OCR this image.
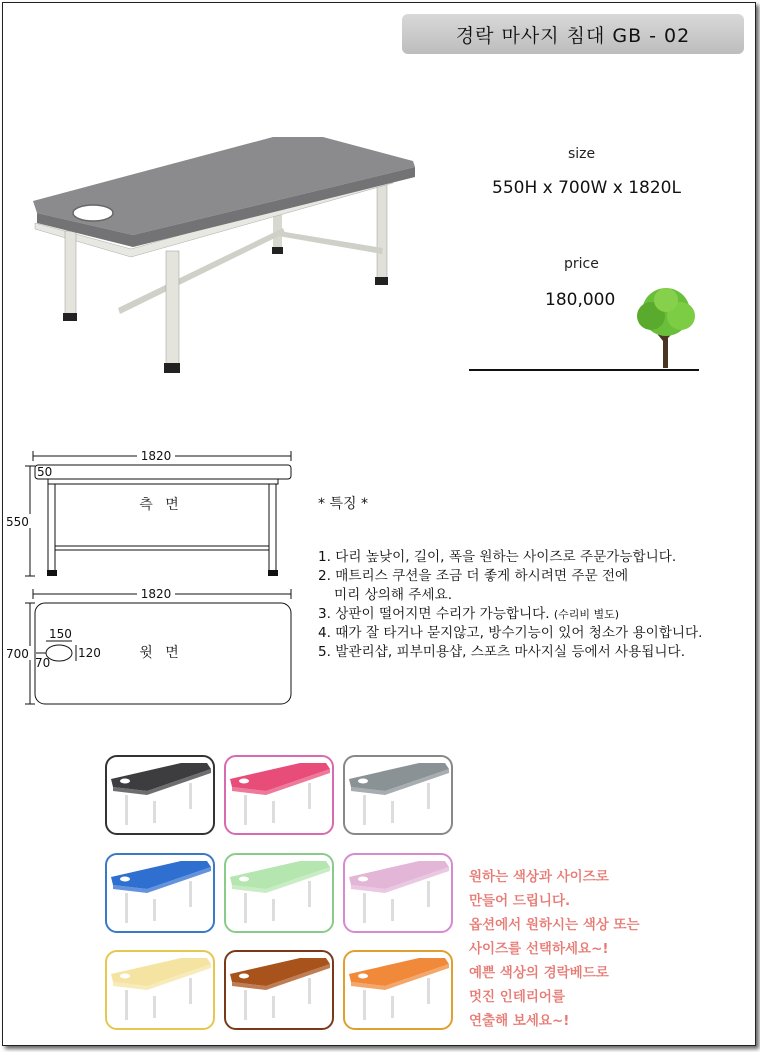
경락 마사지 침대 GB - 02
size
550H x 700W x 1820L
price
180,000
1820
50
550
측 면
1820
700
150
120
70
윗 면
* 특징 *
1. 다리 높낮이, 길이, 폭을 원하는 사이즈로 주문가능합니다.
2. 매트리스 쿠션을 조금 더 좋게 하시려면 주문 전에
미리 상의해 주세요.
3. 상판이 떨어지면 수리가 가능합니다. (수리비 별도)
4. 때가 잘 타거나 묻지않고, 방수기능이 있어 청소가 용이합니다.
5. 발관리샵, 피부미용샵, 스포츠 마사지실 등에서 사용됩니다.
원하는 색상과 사이즈로
만들어 드립니다.
옵션에서 원하시는 색상 또는
사이즈를 선택하세요~!
예쁜 색상의 경락베드로
멋진 인테리어를
연출해 보세요~!
